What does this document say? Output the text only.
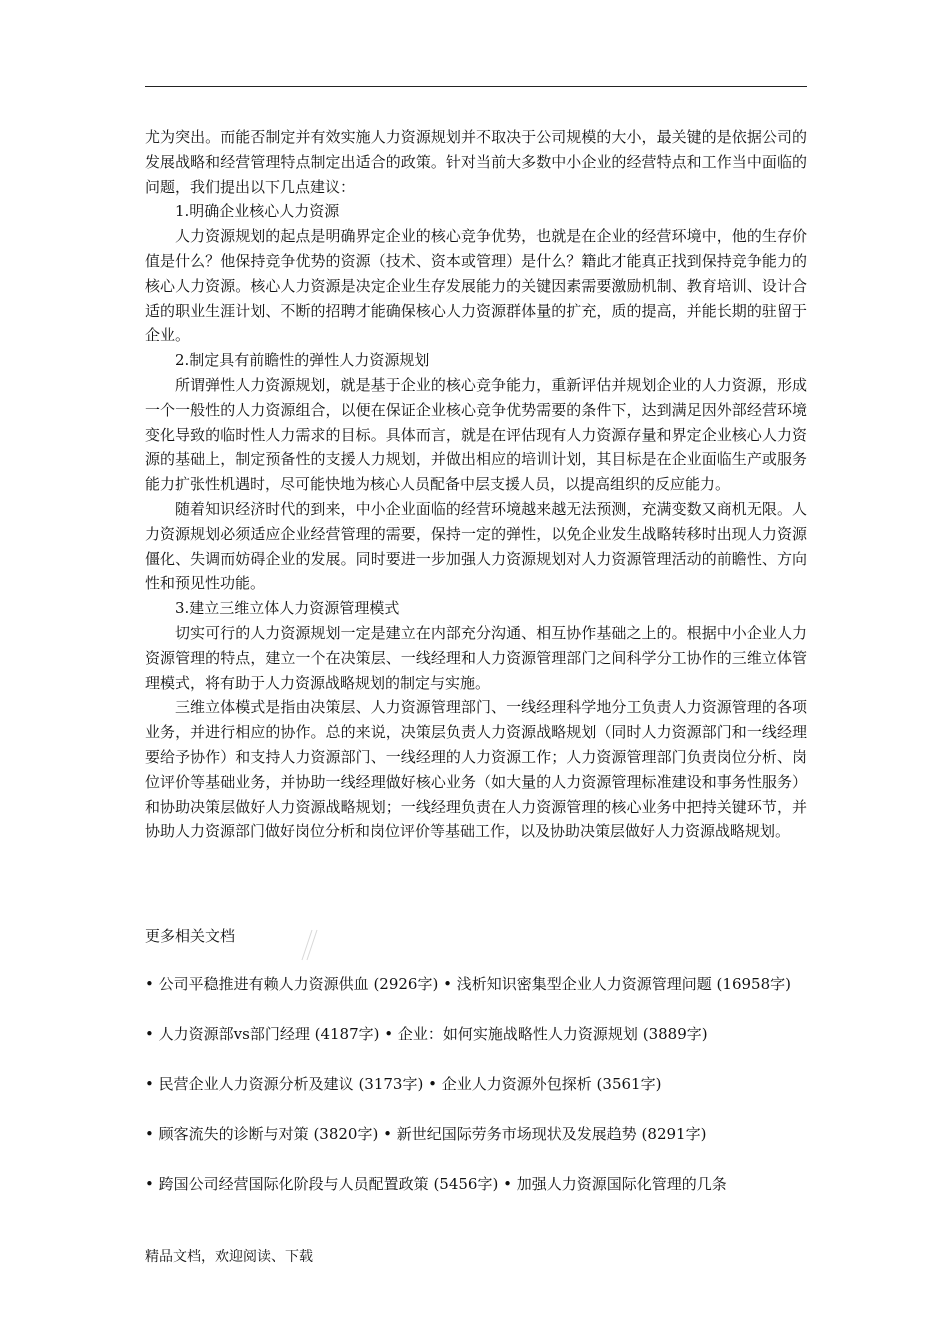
尤为突出。而能否制定并有效实施人力资源规划并不取决于公司规模的大小，最关键的是依据公司的发展战略和经营管理特点制定出适合的政策。针对当前大多数中小企业的经营特点和工作当中面临的问题，我们提出以下几点建议：

1.明确企业核心人力资源

人力资源规划的起点是明确界定企业的核心竞争优势，也就是在企业的经营环境中，他的生存价值是什么？他保持竞争优势的资源（技术、资本或管理）是什么？籍此才能真正找到保持竞争能力的核心人力资源。核心人力资源是决定企业生存发展能力的关键因素需要激励机制、教育培训、设计合适的职业生涯计划、不断的招聘才能确保核心人力资源群体量的扩充，质的提高，并能长期的驻留于企业。

2.制定具有前瞻性的弹性人力资源规划

所谓弹性人力资源规划，就是基于企业的核心竞争能力，重新评估并规划企业的人力资源，形成一个一般性的人力资源组合，以便在保证企业核心竞争优势需要的条件下，达到满足因外部经营环境变化导致的临时性人力需求的目标。具体而言，就是在评估现有人力资源存量和界定企业核心人力资源的基础上，制定预备性的支援人力规划，并做出相应的培训计划，其目标是在企业面临生产或服务能力扩张性机遇时，尽可能快地为核心人员配备中层支援人员，以提高组织的反应能力。

随着知识经济时代的到来，中小企业面临的经营环境越来越无法预测，充满变数又商机无限。人力资源规划必须适应企业经营管理的需要，保持一定的弹性，以免企业发生战略转移时出现人力资源僵化、失调而妨碍企业的发展。同时要进一步加强人力资源规划对人力资源管理活动的前瞻性、方向性和预见性功能。

3.建立三维立体人力资源管理模式

切实可行的人力资源规划一定是建立在内部充分沟通、相互协作基础之上的。根据中小企业人力资源管理的特点，建立一个在决策层、一线经理和人力资源管理部门之间科学分工协作的三维立体管理模式，将有助于人力资源战略规划的制定与实施。

三维立体模式是指由决策层、人力资源管理部门、一线经理科学地分工负责人力资源管理的各项业务，并进行相应的协作。总的来说，决策层负责人力资源战略规划（同时人力资源部门和一线经理要给予协作）和支持人力资源部门、一线经理的人力资源工作；人力资源管理部门负责岗位分析、岗位评价等基础业务，并协助一线经理做好核心业务（如大量的人力资源管理标准建设和事务性服务）和协助决策层做好人力资源战略规划；一线经理负责在人力资源管理的核心业务中把持关键环节，并协助人力资源部门做好岗位分析和岗位评价等基础工作，以及协助决策层做好人力资源战略规划。

更多相关文档

• 公司平稳推进有赖人力资源供血 (2926字) • 浅析知识密集型企业人力资源管理问题 (16958字)

• 人力资源部vs部门经理 (4187字) • 企业：如何实施战略性人力资源规划 (3889字)

• 民营企业人力资源分析及建议 (3173字) • 企业人力资源外包探析 (3561字)

• 顾客流失的诊断与对策 (3820字) • 新世纪国际劳务市场现状及发展趋势 (8291字)

• 跨国公司经营国际化阶段与人员配置政策 (5456字) • 加强人力资源国际化管理的几条

精品文档，欢迎阅读、下载
